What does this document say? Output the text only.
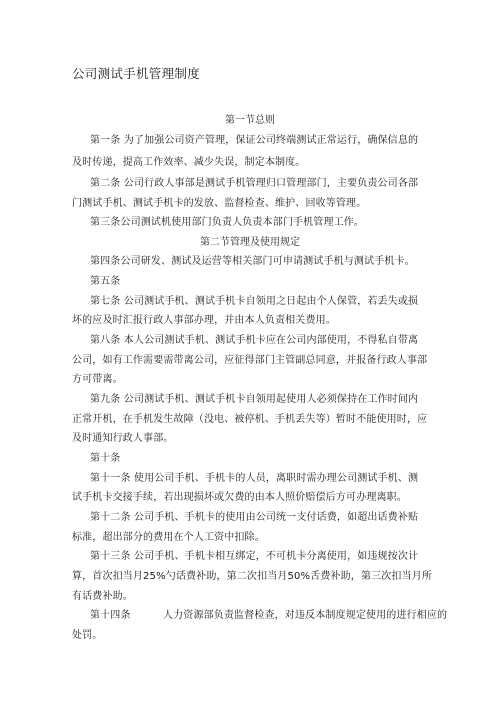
公司测试手机管理制度
第一节总则
第一条 为了加强公司资产管理，保证公司终端测试正常运行，确保信息的
及时传递，提高工作效率、减少失误，制定本制度。
第二条 公司行政人事部是测试手机管理归口管理部门，主要负责公司各部
门测试手机、测试手机卡的发放、监督检查、维护、回收等管理。
第三条公司测试机使用部门负责人负责本部门手机管理工作。
第二节管理及使用规定
第四条公司研发、测试及运营等相关部门可申请测试手机与测试手机卡。
第五条
第七条 公司测试手机、测试手机卡自领用之日起由个人保管，若丢失或损
坏的应及时汇报行政人事部办理，并由本人负责相关费用。
第八条 本人公司测试手机、测试手机卡应在公司内部使用，不得私自带离
公司，如有工作需要需带离公司，应征得部门主管副总同意，并报备行政人事部
方可带离。
第九条 公司测试手机、测试手机卡自领用起使用人必须保持在工作时间内
正常开机，在手机发生故障（没电、被停机、手机丢失等）暂时不能使用时，应
及时通知行政人事部。
第十条
第十一条 使用公司手机、手机卡的人员，离职时需办理公司测试手机、测
试手机卡交接手续，若出现损坏或欠费的由本人照价赔偿后方可办理离职。
第十二条 公司手机、手机卡的使用由公司统一支付话费，如超出话费补贴
标准，超出部分的费用在个人工资中扣除。
第十三条 公司手机、手机卡相互绑定，不可机卡分离使用，如违规按次计
算，首次扣当月25%勺话费补助，第二次扣当月50%舌费补助，第三次扣当月所
有话费补助。
第十四条	人力资源部负责监督检查，对违反本制度规定使用的进行相应的
处罚。
